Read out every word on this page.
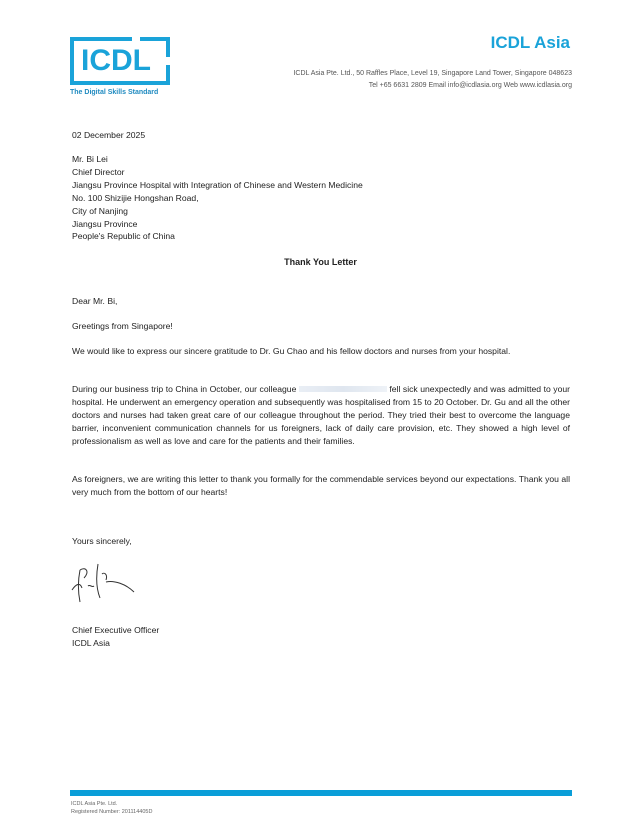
ICDL
The Digital Skills Standard
ICDL Asia
ICDL Asia Pte. Ltd., 50 Raffles Place, Level 19, Singapore Land Tower, Singapore 048623
Tel +65 6631 2809 Email info@icdlasia.org Web www.icdlasia.org
02 December 2025
Mr. Bi Lei
Chief Director
Jiangsu Province Hospital with Integration of Chinese and Western Medicine
No. 100 Shizijie Hongshan Road,
City of Nanjing
Jiangsu Province
People's Republic of China
Thank You Letter
Dear Mr. Bi,
Greetings from Singapore!

We would like to express our sincere gratitude to Dr. Gu Chao and his fellow doctors and nurses from your hospital.

During our business trip to China in October, our colleague	fell sick unexpectedly and was admitted to your hospital. He underwent an emergency operation and subsequently was hospitalised from 15 to 20 October. Dr. Gu and all the other doctors and nurses had taken great care of our colleague throughout the period. They tried their best to overcome the language barrier, inconvenient communication channels for us foreigners, lack of daily care provision, etc. They showed a high level of professionalism as well as love and care for the patients and their families.

As foreigners, we are writing this letter to thank you formally for the commendable services beyond our expectations. Thank you all very much from the bottom of our hearts!

Yours sincerely,
Chief Executive Officer
ICDL Asia
ICDL Asia Pte. Ltd.
Registered Number: 201114405D
